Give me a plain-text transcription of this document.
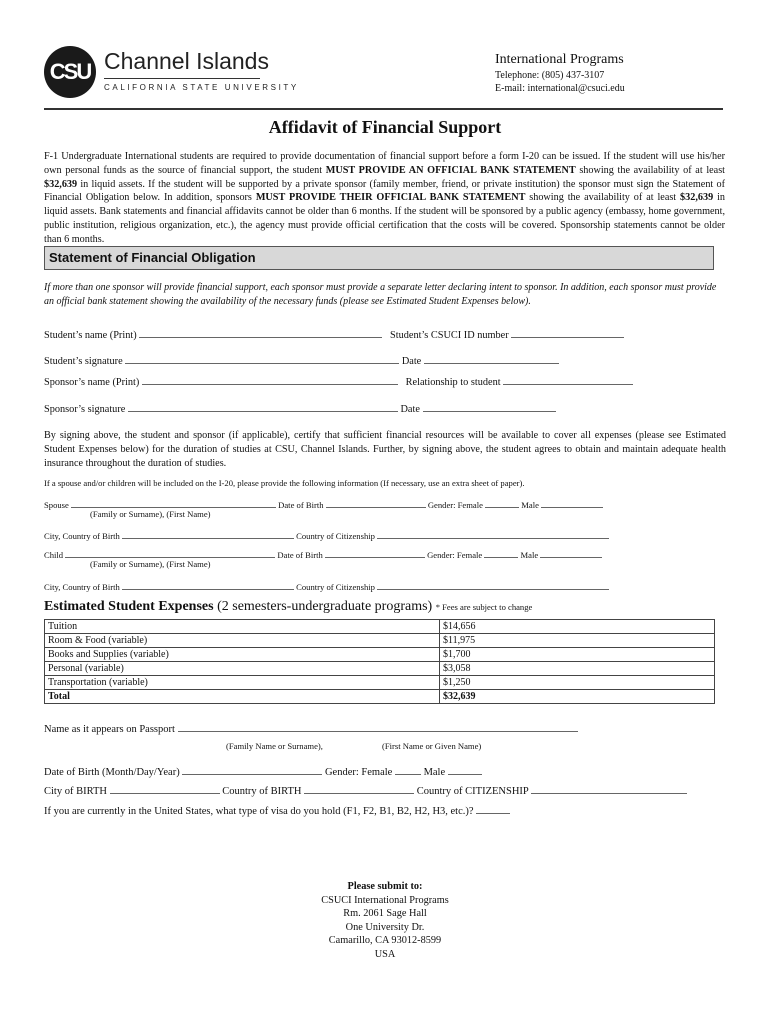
CSU Channel Islands
CALIFORNIA STATE UNIVERSITY
International Programs
Telephone: (805) 437-3107
E-mail: international@csuci.edu
Affidavit of Financial Support
F-1 Undergraduate International students are required to provide documentation of financial support before a form I-20 can be issued. If the student will use his/her own personal funds as the source of financial support, the student MUST PROVIDE AN OFFICIAL BANK STATEMENT showing the availability of at least $32,639 in liquid assets. If the student will be supported by a private sponsor (family member, friend, or private institution) the sponsor must sign the Statement of Financial Obligation below. In addition, sponsors MUST PROVIDE THEIR OFFICIAL BANK STATEMENT showing the availability of at least $32,639 in liquid assets. Bank statements and financial affidavits cannot be older than 6 months. If the student will be sponsored by a public agency (embassy, home government, public institution, religious organization, etc.), the agency must provide official certification that the costs will be covered. Sponsorship statements cannot be older than 6 months.
Statement of Financial Obligation
If more than one sponsor will provide financial support, each sponsor must provide a separate letter declaring intent to sponsor. In addition, each sponsor must provide an official bank statement showing the availability of the necessary funds (please see Estimated Student Expenses below).
Student’s name (Print)	Student’s CSUCI ID number
Student’s signature	Date
Sponsor’s name (Print)	Relationship to student
Sponsor’s signature	Date
By signing above, the student and sponsor (if applicable), certify that sufficient financial resources will be available to cover all expenses (please see Estimated Student Expenses below) for the duration of studies at CSU, Channel Islands. Further, by signing above, the student agrees to obtain and maintain adequate health insurance throughout the duration of studies.
If a spouse and/or children will be included on the I-20, please provide the following information (If necessary, use an extra sheet of paper).
Spouse	Date of Birth	Gender: Female	Male
(Family or Surname), (First Name)
City, Country of Birth	Country of Citizenship
Child	Date of Birth	Gender: Female	Male
(Family or Surname), (First Name)
City, Country of Birth	Country of Citizenship
Estimated Student Expenses (2 semesters-undergraduate programs) * Fees are subject to change
Tuition	$14,656
Room & Food (variable)	$11,975
Books and Supplies (variable)	$1,700
Personal (variable)	$3,058
Transportation (variable)	$1,250
Total	$32,639
Name as it appears on Passport
(Family Name or Surname),	(First Name or Given Name)
Date of Birth (Month/Day/Year)	Gender: Female	Male
City of BIRTH	Country of BIRTH	Country of CITIZENSHIP
If you are currently in the United States, what type of visa do you hold (F1, F2, B1, B2, H2, H3, etc.)?
Please submit to:
CSUCI International Programs
Rm. 2061 Sage Hall
One University Dr.
Camarillo, CA 93012-8599
USA
